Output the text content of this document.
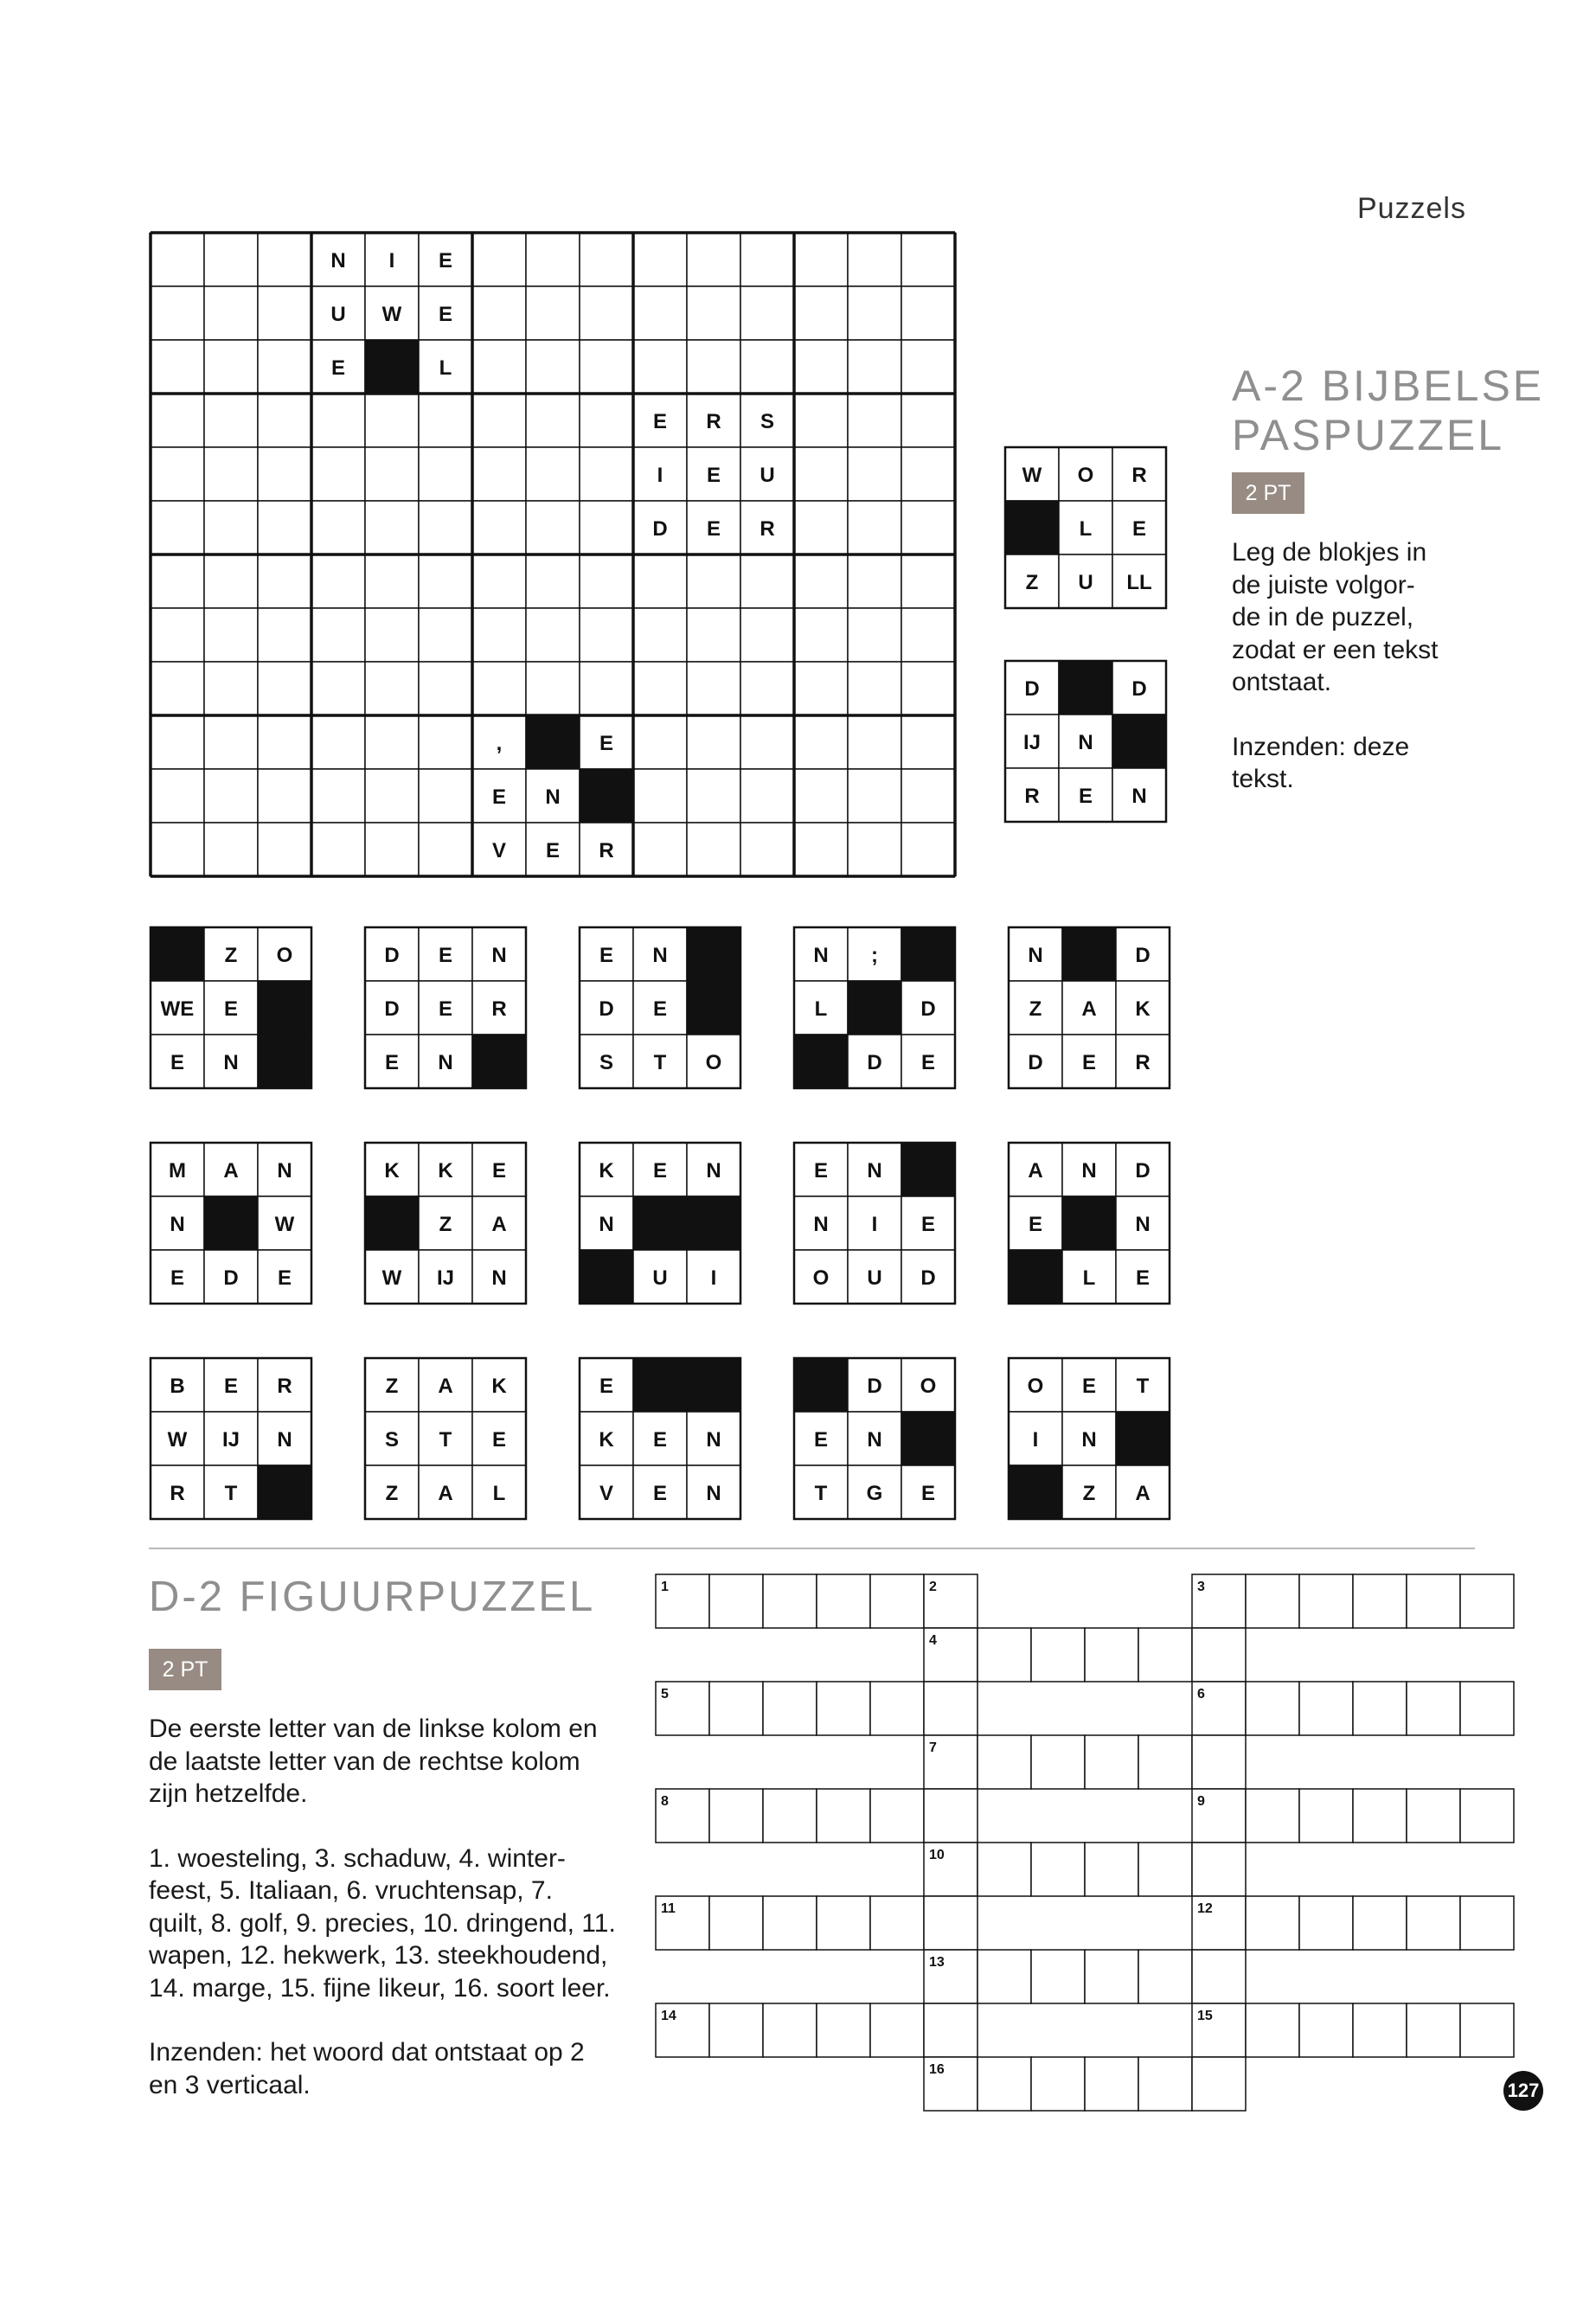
Puzzels
N I E
U W E
E	L
E R S
I E U
D E R
,	E
E N
V E R
W O R
L E
Z U LL
D	D
IJ N
R E N
Z O
WE E
E N
D E N
D E R
E N
E N
D E
S T O
N ;
L	D
D E
N	D
Z A K
D E R
M A N
N	W
E D E
K K E
Z A
W IJ N
K E N
N
U I
E N
N I E
O U D
A N D
E	N
L E
B E R
W IJ N
R T
Z A K
S T E
Z A L
E
K E N
V E N
D O
E N
T G E
O E T
I N
Z A
A-2 BIJBELSE
PASPUZZEL
2 PT

Leg de blokjes in
de juiste volgor-
de in de puzzel,
zodat er een tekst
ontstaat.

Inzenden: deze
tekst.

D-2 FIGUURPUZZEL
2 PT

De eerste letter van de linkse kolom en
de laatste letter van de rechtse kolom
zijn hetzelfde.

1. woesteling, 3. schaduw, 4. winter-
feest, 5. Italiaan, 6. vruchtensap, 7.
quilt, 8. golf, 9. precies, 10. dringend, 11.
wapen, 12. hekwerk, 13. steekhoudend,
14. marge, 15. fijne likeur, 16. soort leer.

Inzenden: het woord dat ontstaat op 2
en 3 verticaal.

1	2	3
4
5	6
7
8	9
10
11	12
13
14	15
16
127
